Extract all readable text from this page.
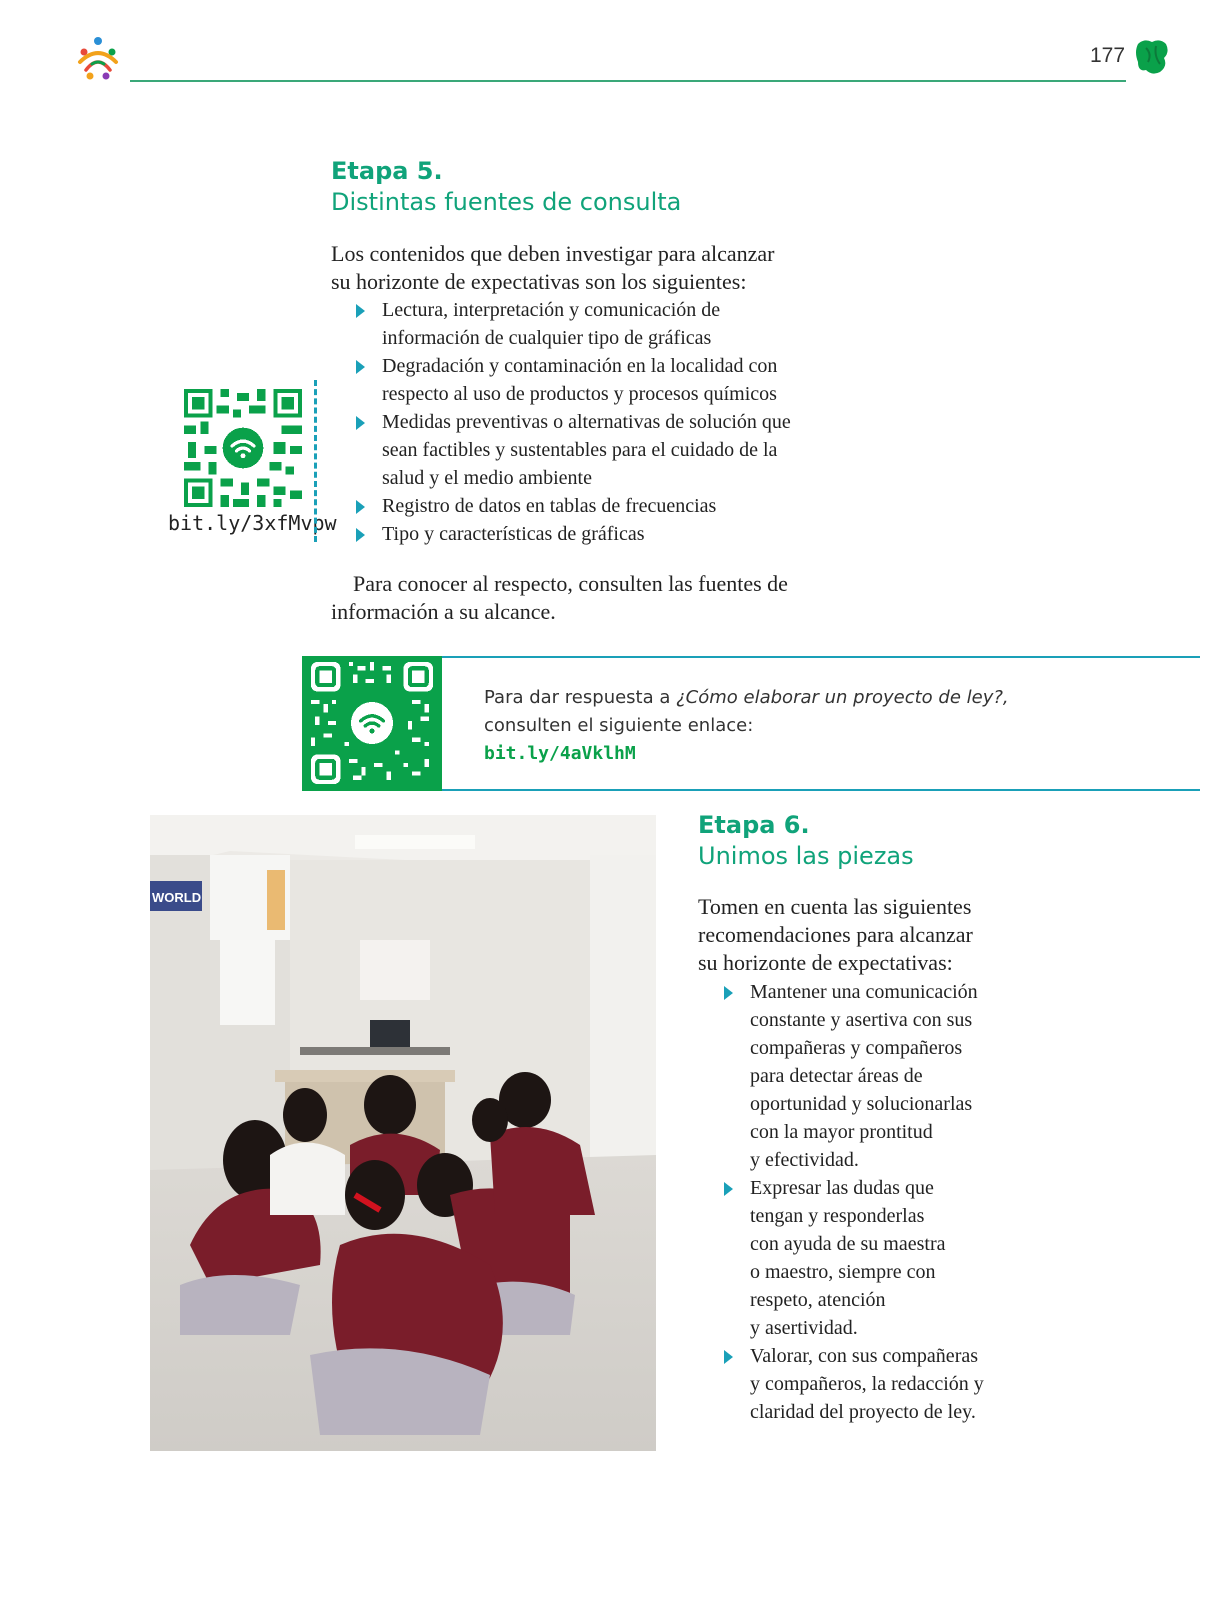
177
Etapa 5.
Distintas fuentes de consulta
Los contenidos que deben investigar para alcanzar
su horizonte de expectativas son los siguientes:
Lectura, interpretación y comunicación de
información de cualquier tipo de gráficas
Degradación y contaminación en la localidad con
respecto al uso de productos y procesos químicos
Medidas preventivas o alternativas de solución que
sean factibles y sustentables para el cuidado de la
salud y el medio ambiente
Registro de datos en tablas de frecuencias
Tipo y características de gráficas
Para conocer al respecto, consulten las fuentes de
información a su alcance.
bit.ly/3xfMvpw
Para dar respuesta a ¿Cómo elaborar un proyecto de ley?,
consulten el siguiente enlace:
bit.ly/4aVklhM
WORLD
Etapa 6.
Unimos las piezas
Tomen en cuenta las siguientes
recomendaciones para alcanzar
su horizonte de expectativas:
Mantener una comunicación
constante y asertiva con sus
compañeras y compañeros
para detectar áreas de
oportunidad y solucionarlas
con la mayor prontitud
y efectividad.
Expresar las dudas que
tengan y responderlas
con ayuda de su maestra
o maestro, siempre con
respeto, atención
y asertividad.
Valorar, con sus compañeras
y compañeros, la redacción y
claridad del proyecto de ley.
